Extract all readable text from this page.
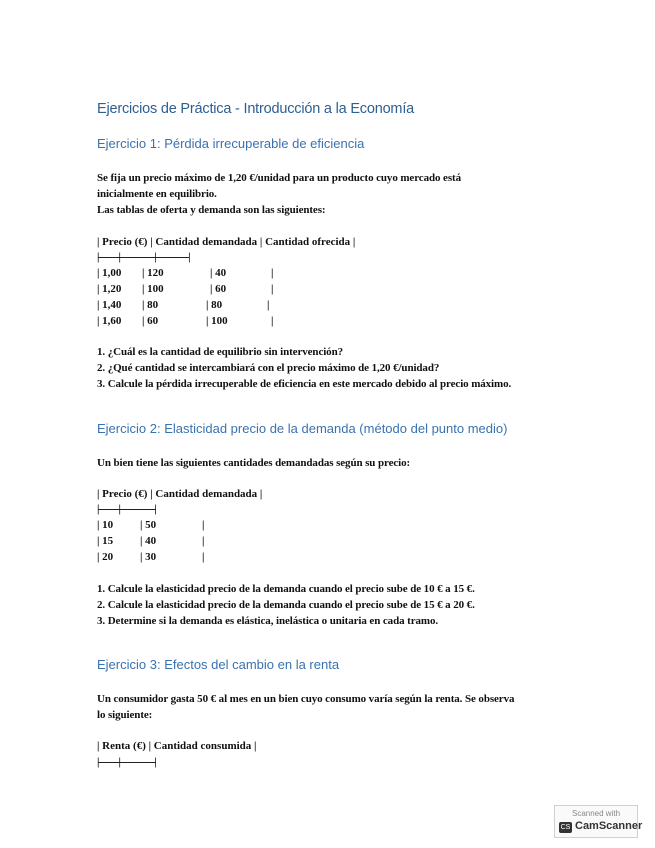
Ejercicios de Práctica - Introducción a la Economía
Ejercicio 1: Pérdida irrecuperable de eficiencia
Se fija un precio máximo de 1,20 €/unidad para un producto cuyo mercado está
inicialmente en equilibrio.
Las tablas de oferta y demanda son las siguientes:
| Precio (€) | Cantidad demandada | Cantidad ofrecida |
|----------|-----------------|----------------|
| 1,00 | 120	| 40	|
| 1,20 | 100	| 60	|
| 1,40 | 80	| 80	|
| 1,60 | 60	| 100	|
1. ¿Cuál es la cantidad de equilibrio sin intervención?
2. ¿Qué cantidad se intercambiará con el precio máximo de 1,20 €/unidad?
3. Calcule la pérdida irrecuperable de eficiencia en este mercado debido al precio máximo.
Ejercicio 2: Elasticidad precio de la demanda (método del punto medio)
Un bien tiene las siguientes cantidades demandadas según su precio:
| Precio (€) | Cantidad demandada |
|----------|-----------------|
| 10 | 50	|
| 15 | 40	|
| 20 | 30	|
1. Calcule la elasticidad precio de la demanda cuando el precio sube de 10 € a 15 €.
2. Calcule la elasticidad precio de la demanda cuando el precio sube de 15 € a 20 €.
3. Determine si la demanda es elástica, inelástica o unitaria en cada tramo.
Ejercicio 3: Efectos del cambio en la renta
Un consumidor gasta 50 € al mes en un bien cuyo consumo varía según la renta. Se observa
lo siguiente:
| Renta (€) | Cantidad consumida |
|----------|-----------------|
Scanned with
CS CamScanner
